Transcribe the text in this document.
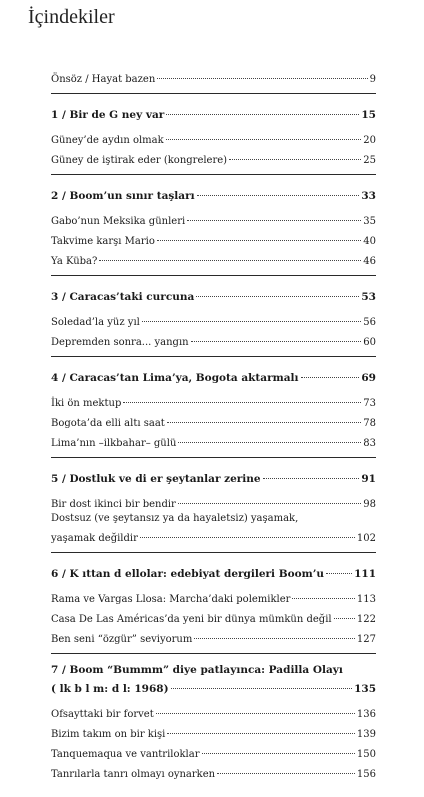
İçindekiler
Önsöz / Hayat bazen	9
1 / Bir de G ney var	15
Güney’de aydın olmak	20
Güney de iştirak eder (kongrelere)	25
2 / Boom’un sınır taşları	33
Gabo’nun Meksika günleri	35
Takvime karşı Mario	40
Ya Küba?	46
3 / Caracas’taki curcuna	53
Soledad’la yüz yıl	56
Depremden sonra... yangın	60
4 / Caracas’tan Lima’ya, Bogota aktarmalı	69
İki ön mektup	73
Bogota’da elli altı saat	78
Lima’nın –ilkbahar– gülü	83
5 / Dostluk ve di er şeytanlar zerine	91
Bir dost ikinci bir bendir	98
Dostsuz (ve şeytansız ya da hayaletsiz) yaşamak,
yaşamak değildir	102
6 / K ıttan d ellolar: edebiyat dergileri Boom’u	111
Rama ve Vargas Llosa: Marcha’daki polemikler	113
Casa De Las Américas’da yeni bir dünya mümkün değil	122
Ben seni “özgür” seviyorum	127
7 / Boom “Bummm” diye patlayınca: Padilla Olayı
( lk b l m: d l: 1968)	135
Ofsayttaki bir forvet	136
Bizim takım on bir kişi	139
Tanquemaqua ve vantriloklar	150
Tanrılarla tanrı olmayı oynarken	156
